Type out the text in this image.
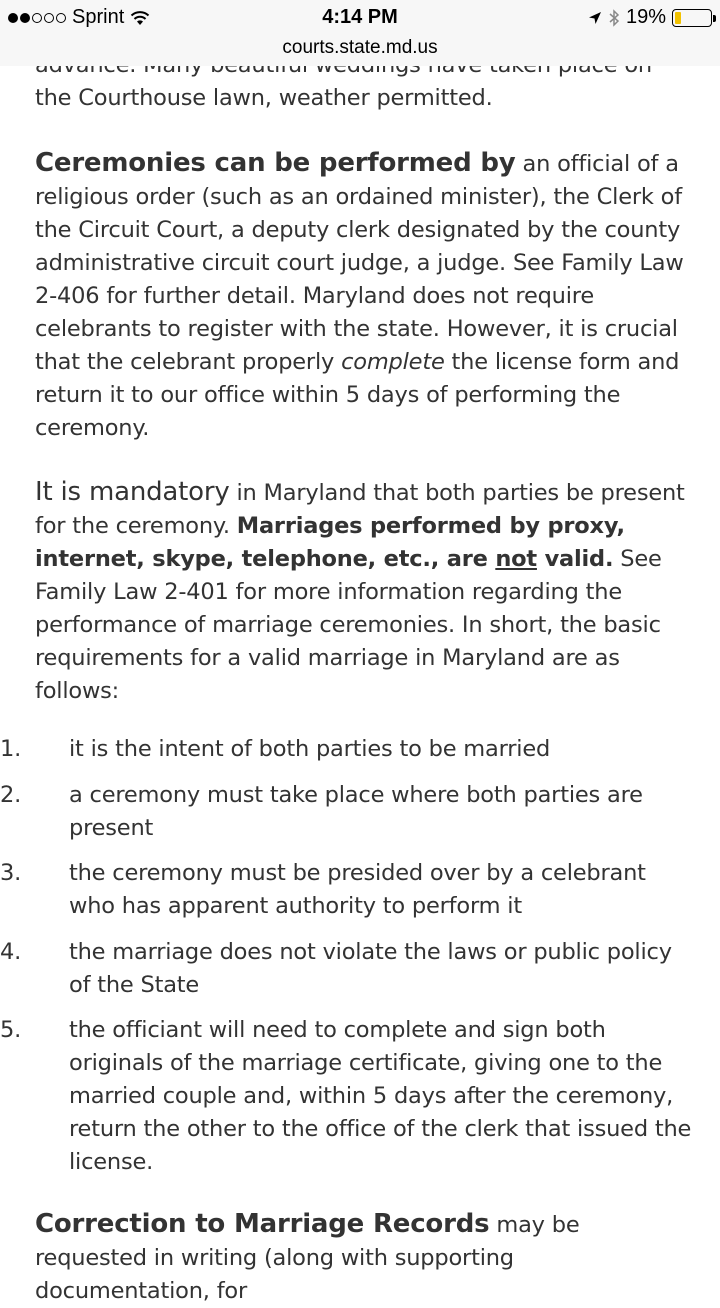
the Courthouse lawn, weather permitted.

Ceremonies can be performed by an official of a religious order (such as an ordained minister), the Clerk of the Circuit Court, a deputy clerk designated by the county administrative circuit court judge, a judge. See Family Law 2-406 for further detail. Maryland does not require celebrants to register with the state. However, it is crucial that the celebrant properly complete the license form and return it to our office within 5 days of performing the ceremony.

It is mandatory in Maryland that both parties be present for the ceremony. Marriages performed by proxy, internet, skype, telephone, etc., are not valid. See Family Law 2-401 for more information regarding the performance of marriage ceremonies. In short, the basic requirements for a valid marriage in Maryland are as follows:

1. it is the intent of both parties to be married
2. a ceremony must take place where both parties are present
3. the ceremony must be presided over by a celebrant who has apparent authority to perform it
4. the marriage does not violate the laws or public policy of the State
5. the officiant will need to complete and sign both originals of the marriage certificate, giving one to the married couple and, within 5 days after the ceremony, return the other to the office of the clerk that issued the license.

Correction to Marriage Records may be requested in writing (along with supporting documentation, for

Sprint	4:14 PM	19%
courts.state.md.us
